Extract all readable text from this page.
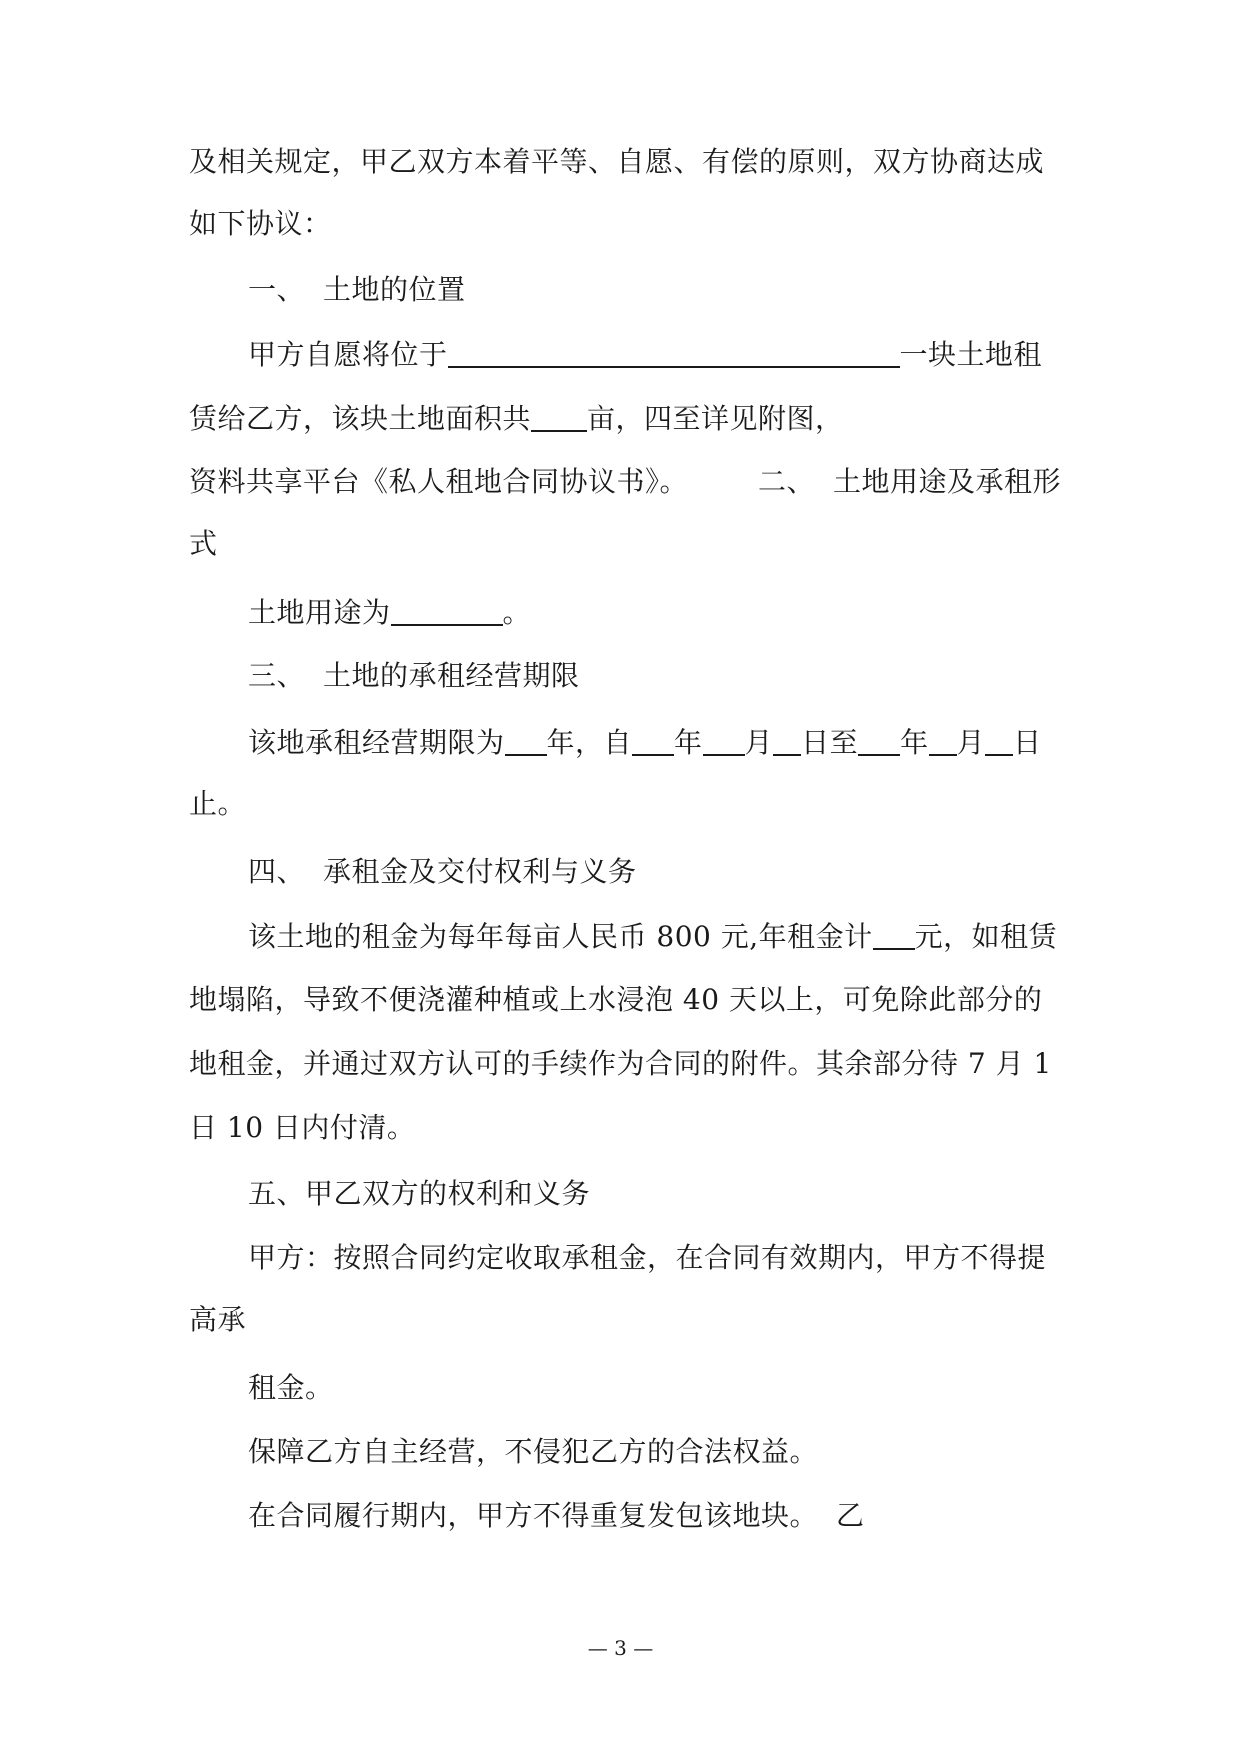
及相关规定，甲乙双方本着平等、自愿、有偿的原则，双方协商达成
如下协议：
一、 土地的位置
甲方自愿将位于	一块土地租
赁给乙方，该块土地面积共 亩，四至详见附图，
资料共享平台《私人租地合同协议书》。	二、 土地用途及承租形
式
土地用途为	。
三、 土地的承租经营期限
该地承租经营期限为 年，自 年 月 日至 年 月 日
止。
四、 承租金及交付权利与义务
该土地的租金为每年每亩人民币 800 元,年租金计 元，如租赁
地塌陷，导致不便浇灌种植或上水浸泡 40 天以上，可免除此部分的
地租金，并通过双方认可的手续作为合同的附件。其余部分待 7 月 1
日 10 日内付清。
五、甲乙双方的权利和义务
甲方：按照合同约定收取承租金，在合同有效期内，甲方不得提
高承
租金。
保障乙方自主经营，不侵犯乙方的合法权益。
在合同履行期内，甲方不得重复发包该地块。 乙
— 3 —
